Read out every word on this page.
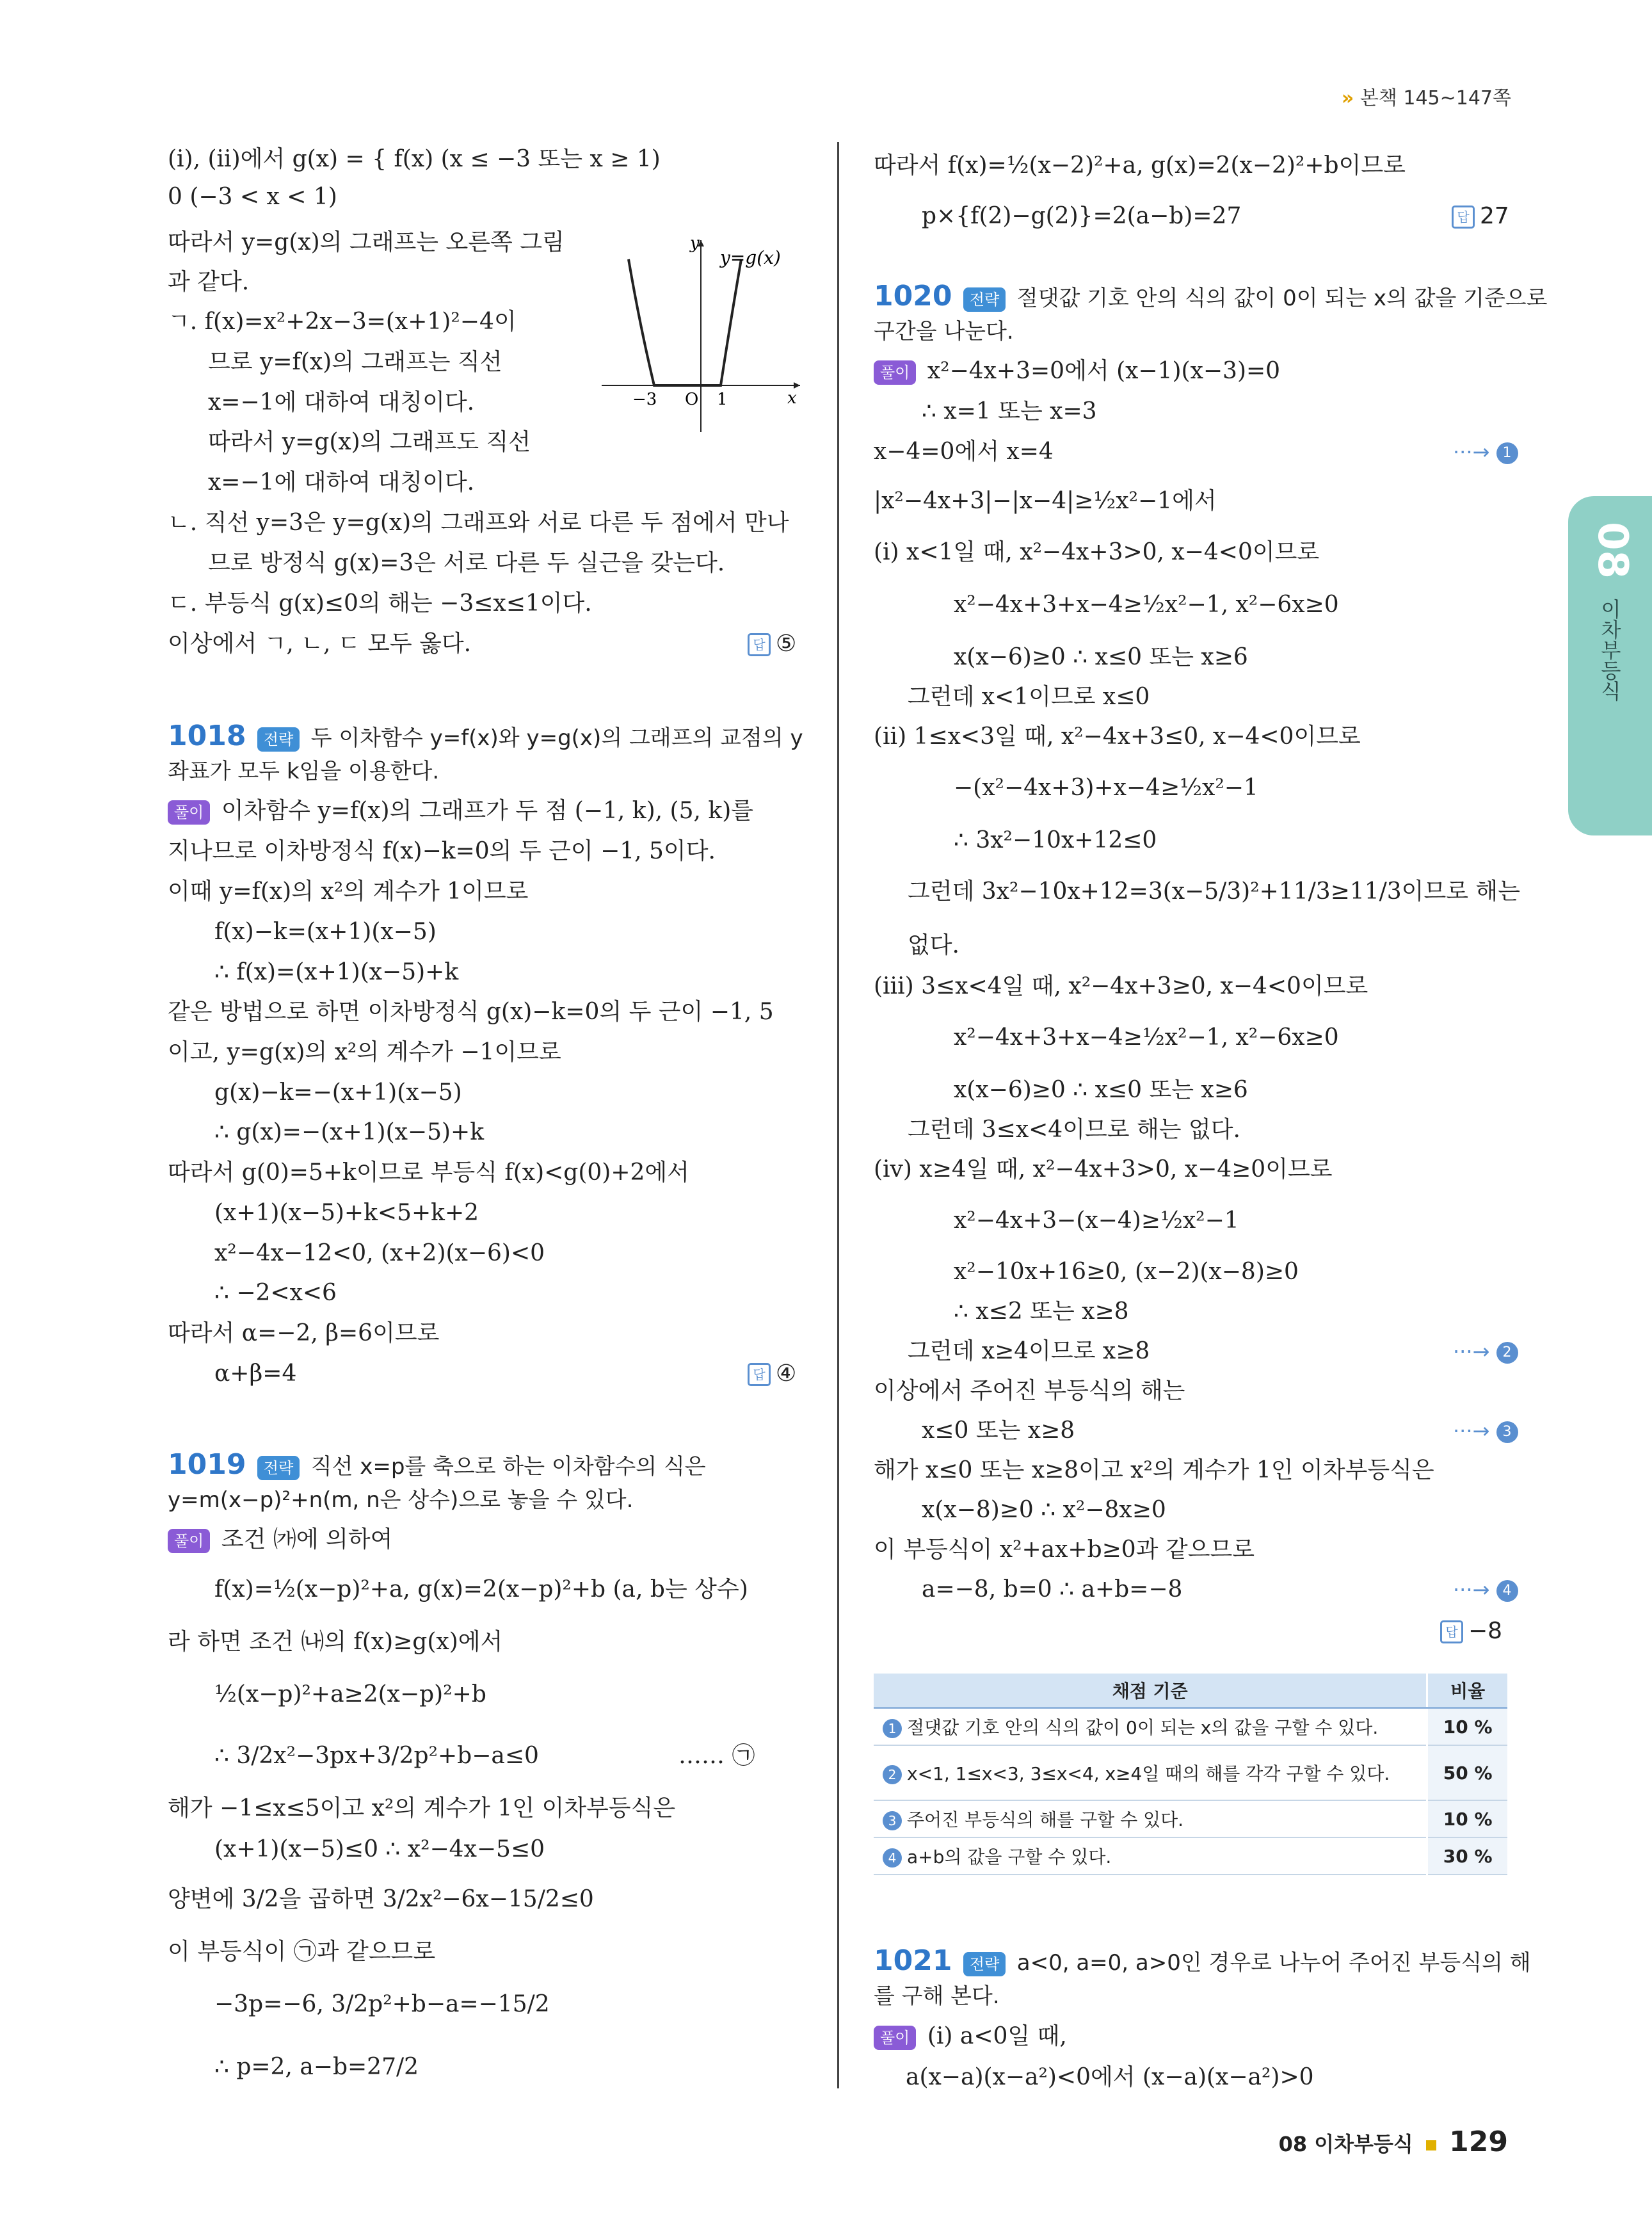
» 본책 145~147쪽
08
이차부등식
(i), (ii)에서 g(x) = { f(x) (x ≤ −3 또는 x ≥ 1)
0 (−3 < x < 1)
따라서 y=g(x)의 그래프는 오른쪽 그림
과 같다.
ㄱ. f(x)=x²+2x−3=(x+1)²−4이
므로 y=f(x)의 그래프는 직선
x=−1에 대하여 대칭이다.
따라서 y=g(x)의 그래프도 직선
x=−1에 대하여 대칭이다.
ㄴ. 직선 y=3은 y=g(x)의 그래프와 서로 다른 두 점에서 만나
므로 방정식 g(x)=3은 서로 다른 두 실근을 갖는다.
ㄷ. 부등식 g(x)≤0의 해는 −3≤x≤1이다.
이상에서 ㄱ, ㄴ, ㄷ 모두 옳다.	답 ⑤
y
x
y=g(x)
−3 O 1
1018 전략 두 이차함수 y=f(x)와 y=g(x)의 그래프의 교점의 y
좌표가 모두 k임을 이용한다.
풀이 이차함수 y=f(x)의 그래프가 두 점 (−1, k), (5, k)를
지나므로 이차방정식 f(x)−k=0의 두 근이 −1, 5이다.
이때 y=f(x)의 x²의 계수가 1이므로
f(x)−k=(x+1)(x−5)
∴ f(x)=(x+1)(x−5)+k
같은 방법으로 하면 이차방정식 g(x)−k=0의 두 근이 −1, 5
이고, y=g(x)의 x²의 계수가 −1이므로
g(x)−k=−(x+1)(x−5)
∴ g(x)=−(x+1)(x−5)+k
따라서 g(0)=5+k이므로 부등식 f(x)<g(0)+2에서
(x+1)(x−5)+k<5+k+2
x²−4x−12<0, (x+2)(x−6)<0
∴ −2<x<6
따라서 α=−2, β=6이므로
α+β=4	답 ④
1019 전략 직선 x=p를 축으로 하는 이차함수의 식은
y=m(x−p)²+n(m, n은 상수)으로 놓을 수 있다.
풀이 조건 ㈎에 의하여
f(x)=½(x−p)²+a, g(x)=2(x−p)²+b (a, b는 상수)
라 하면 조건 ㈏의 f(x)≥g(x)에서
½(x−p)²+a≥2(x−p)²+b
∴ 3/2x²−3px+3/2p²+b−a≤0	…… ㉠
해가 −1≤x≤5이고 x²의 계수가 1인 이차부등식은
(x+1)(x−5)≤0 ∴ x²−4x−5≤0
양변에 3/2을 곱하면 3/2x²−6x−15/2≤0
이 부등식이 ㉠과 같으므로
−3p=−6, 3/2p²+b−a=−15/2
∴ p=2, a−b=27/2
따라서 f(x)=½(x−2)²+a, g(x)=2(x−2)²+b이므로
p×{f(2)−g(2)}=2(a−b)=27	답 27
1020 전략 절댓값 기호 안의 식의 값이 0이 되는 x의 값을 기준으로
구간을 나눈다.
풀이 x²−4x+3=0에서 (x−1)(x−3)=0
∴ x=1 또는 x=3
x−4=0에서 x=4	···→ 1
|x²−4x+3|−|x−4|≥½x²−1에서
(i) x<1일 때, x²−4x+3>0, x−4<0이므로
x²−4x+3+x−4≥½x²−1, x²−6x≥0
x(x−6)≥0 ∴ x≤0 또는 x≥6
그런데 x<1이므로 x≤0
(ii) 1≤x<3일 때, x²−4x+3≤0, x−4<0이므로
−(x²−4x+3)+x−4≥½x²−1
∴ 3x²−10x+12≤0
그런데 3x²−10x+12=3(x−5/3)²+11/3≥11/3이므로 해는
없다.
(iii) 3≤x<4일 때, x²−4x+3≥0, x−4<0이므로
x²−4x+3+x−4≥½x²−1, x²−6x≥0
x(x−6)≥0 ∴ x≤0 또는 x≥6
그런데 3≤x<4이므로 해는 없다.
(iv) x≥4일 때, x²−4x+3>0, x−4≥0이므로
x²−4x+3−(x−4)≥½x²−1
x²−10x+16≥0, (x−2)(x−8)≥0
∴ x≤2 또는 x≥8
그런데 x≥4이므로 x≥8	···→ 2
이상에서 주어진 부등식의 해는
x≤0 또는 x≥8	···→ 3
해가 x≤0 또는 x≥8이고 x²의 계수가 1인 이차부등식은
x(x−8)≥0 ∴ x²−8x≥0
이 부등식이 x²+ax+b≥0과 같으므로
a=−8, b=0 ∴ a+b=−8	···→ 4
답 −8
채점 기준	비율
1 절댓값 기호 안의 식의 값이 0이 되는 x의 값을 구할 수 있다.	10 %
2 x<1, 1≤x<3, 3≤x<4, x≥4일 때의 해를 각각 구할 수 있다.	50 %
3 주어진 부등식의 해를 구할 수 있다.	10 %
4 a+b의 값을 구할 수 있다.	30 %
1021 전략 a<0, a=0, a>0인 경우로 나누어 주어진 부등식의 해
를 구해 본다.
풀이 (i) a<0일 때,
a(x−a)(x−a²)<0에서 (x−a)(x−a²)>0
08 이차부등식 129
